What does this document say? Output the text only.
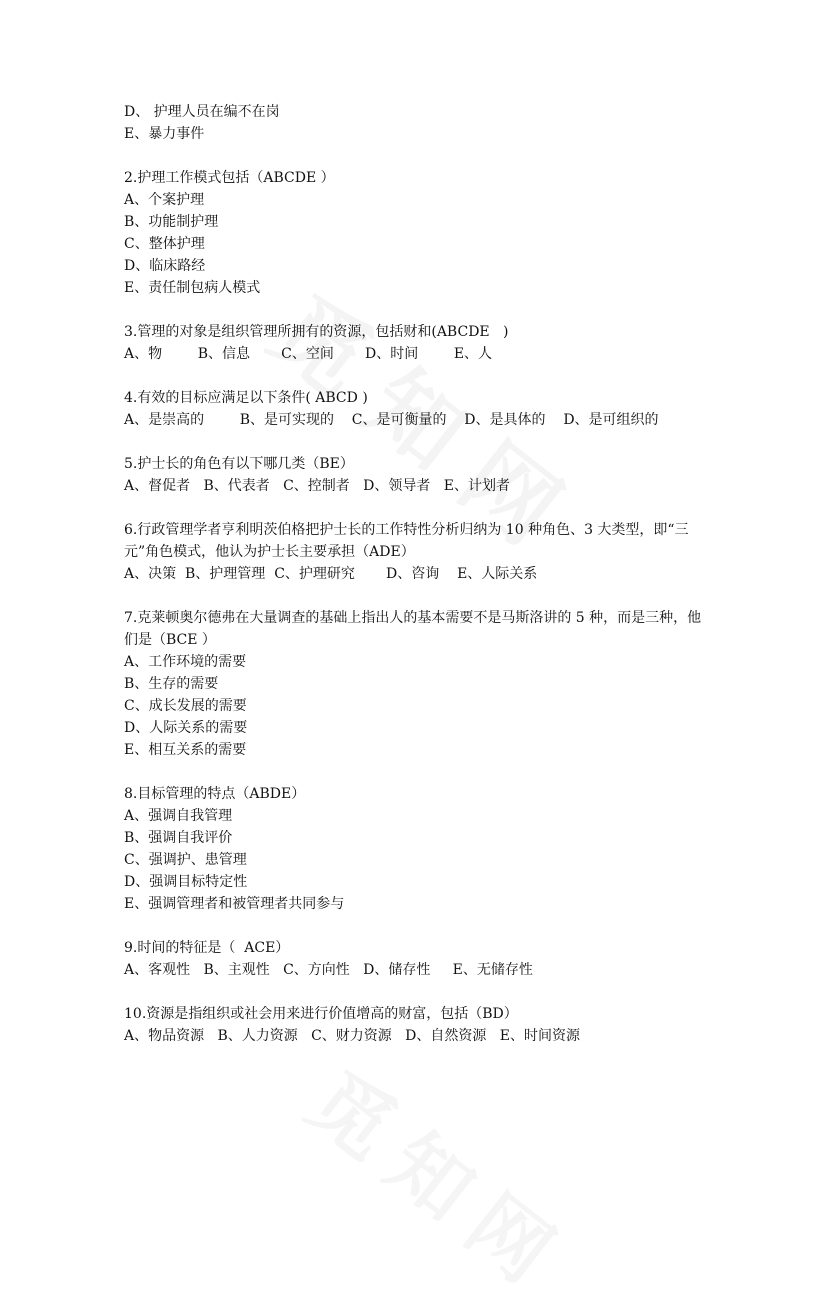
D、 护理人员在编不在岗
E、暴力事件
2.护理工作模式包括（ABCDE ）
A、个案护理
B、功能制护理
C、整体护理
D、临床路经
E、责任制包病人模式
3.管理的对象是组织管理所拥有的资源，包括财和(ABCDE   )
A、物        B、信息       C、空间       D、时间        E、人
4.有效的目标应满足以下条件( ABCD )
A、是崇高的        B、是可实现的    C、是可衡量的    D、是具体的    D、是可组织的
5.护士长的角色有以下哪几类（BE）
A、督促者   B、代表者   C、控制者   D、领导者   E、计划者
6.行政管理学者亨利明茨伯格把护士长的工作特性分析归纳为 10 种角色、3 大类型，即“三元”角色模式，他认为护士长主要承担（ADE）
A、决策  B、护理管理  C、护理研究       D、咨询    E、人际关系
7.克莱顿奥尔德弗在大量调查的基础上指出人的基本需要不是马斯洛讲的 5 种，而是三种，他们是（BCE ）
A、工作环境的需要
B、生存的需要
C、成长发展的需要
D、人际关系的需要
E、相互关系的需要
8.目标管理的特点（ABDE）
A、强调自我管理
B、强调自我评价
C、强调护、患管理
D、强调目标特定性
E、强调管理者和被管理者共同参与
9.时间的特征是（  ACE）
A、客观性   B、主观性   C、方向性   D、储存性     E、无储存性
10.资源是指组织或社会用来进行价值增高的财富，包括（BD）
A、物品资源   B、人力资源   C、财力资源   D、自然资源   E、时间资源
